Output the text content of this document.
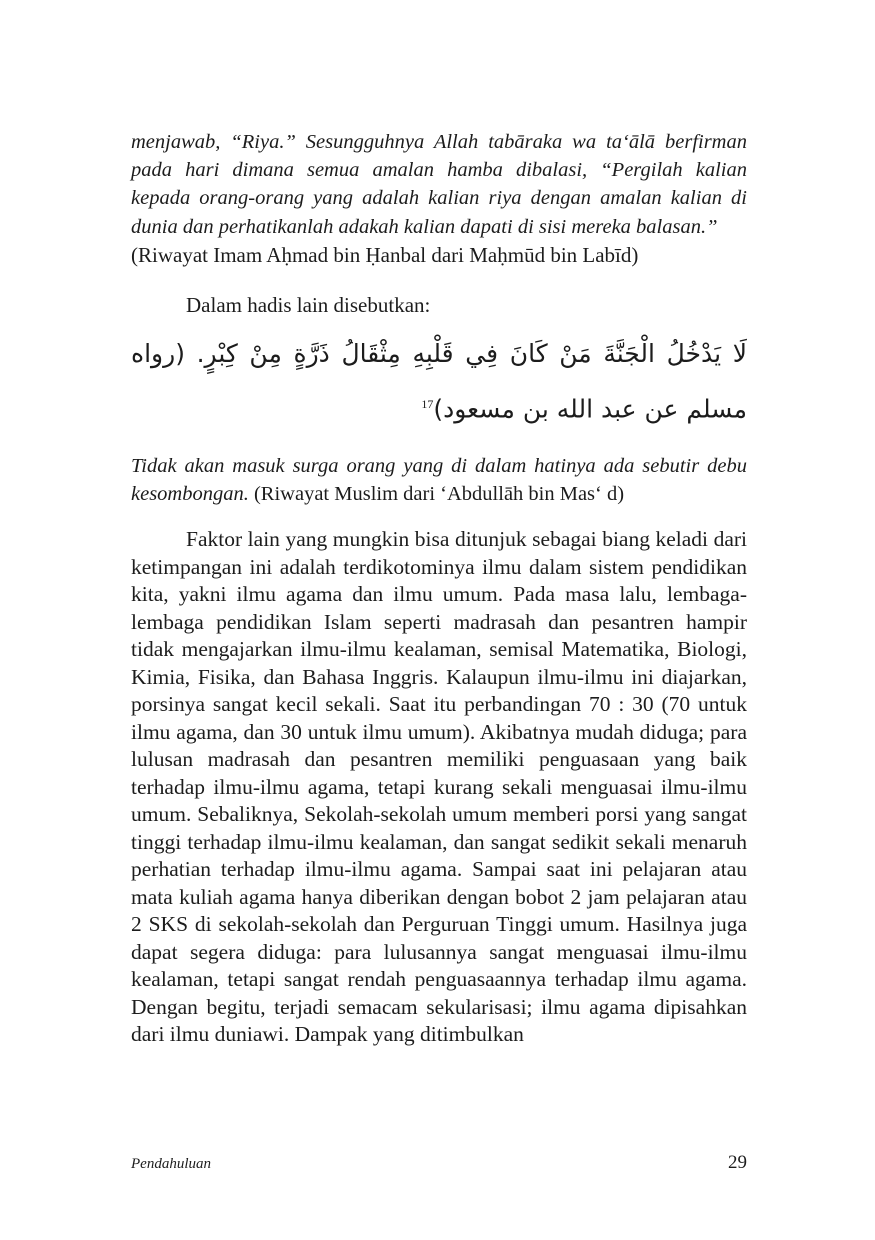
menjawab, “Riya.” Sesungguhnya Allah tabāraka wa ta‘ālā berfirman pada hari dimana semua amalan hamba dibalasi, “Pergilah kalian kepada orang-orang yang adalah kalian riya dengan amalan kalian di dunia dan perhatikanlah adakah kalian dapati di sisi mereka balasan.”

(Riwayat Imam Aḥmad bin Ḥanbal dari Maḥmūd bin Labīd)

Dalam hadis lain disebutkan:

لَا يَدْخُلُ الْجَنَّةَ مَنْ كَانَ فِي قَلْبِهِ مِثْقَالُ ذَرَّةٍ مِنْ كِبْرٍ. (رواه مسلم عن عبد الله بن مسعود)$^{17}$

Tidak akan masuk surga orang yang di dalam hatinya ada sebutir debu kesombongan. (Riwayat Muslim dari ‘Abdullāh bin Mas‘ d)

Faktor lain yang mungkin bisa ditunjuk sebagai biang keladi dari ketimpangan ini adalah terdikotominya ilmu dalam sistem pendidikan kita, yakni ilmu agama dan ilmu umum. Pada masa lalu, lembaga-lembaga pendidikan Islam seperti madrasah dan pesantren hampir tidak mengajarkan ilmu-ilmu kealaman, semisal Matematika, Biologi, Kimia, Fisika, dan Bahasa Inggris. Kalaupun ilmu-ilmu ini diajarkan, porsinya sangat kecil sekali. Saat itu perbandingan 70 : 30 (70 untuk ilmu agama, dan 30 untuk ilmu umum). Akibatnya mudah diduga; para lulusan madrasah dan pesantren memiliki penguasaan yang baik terhadap ilmu-ilmu agama, tetapi kurang sekali menguasai ilmu-ilmu umum. Sebaliknya, Sekolah-sekolah umum memberi porsi yang sangat tinggi terhadap ilmu-ilmu kealaman, dan sangat sedikit sekali menaruh perhatian terhadap ilmu-ilmu agama. Sampai saat ini pelajaran atau mata kuliah agama hanya diberikan dengan bobot 2 jam pelajaran atau 2 SKS di sekolah-sekolah dan Perguruan Tinggi umum. Hasilnya juga dapat segera diduga: para lulusannya sangat menguasai ilmu-ilmu kealaman, tetapi sangat rendah penguasaannya terhadap ilmu agama. Dengan begitu, terjadi semacam sekularisasi; ilmu agama dipisahkan dari ilmu duniawi. Dampak yang ditimbulkan

Pendahuluan	29
